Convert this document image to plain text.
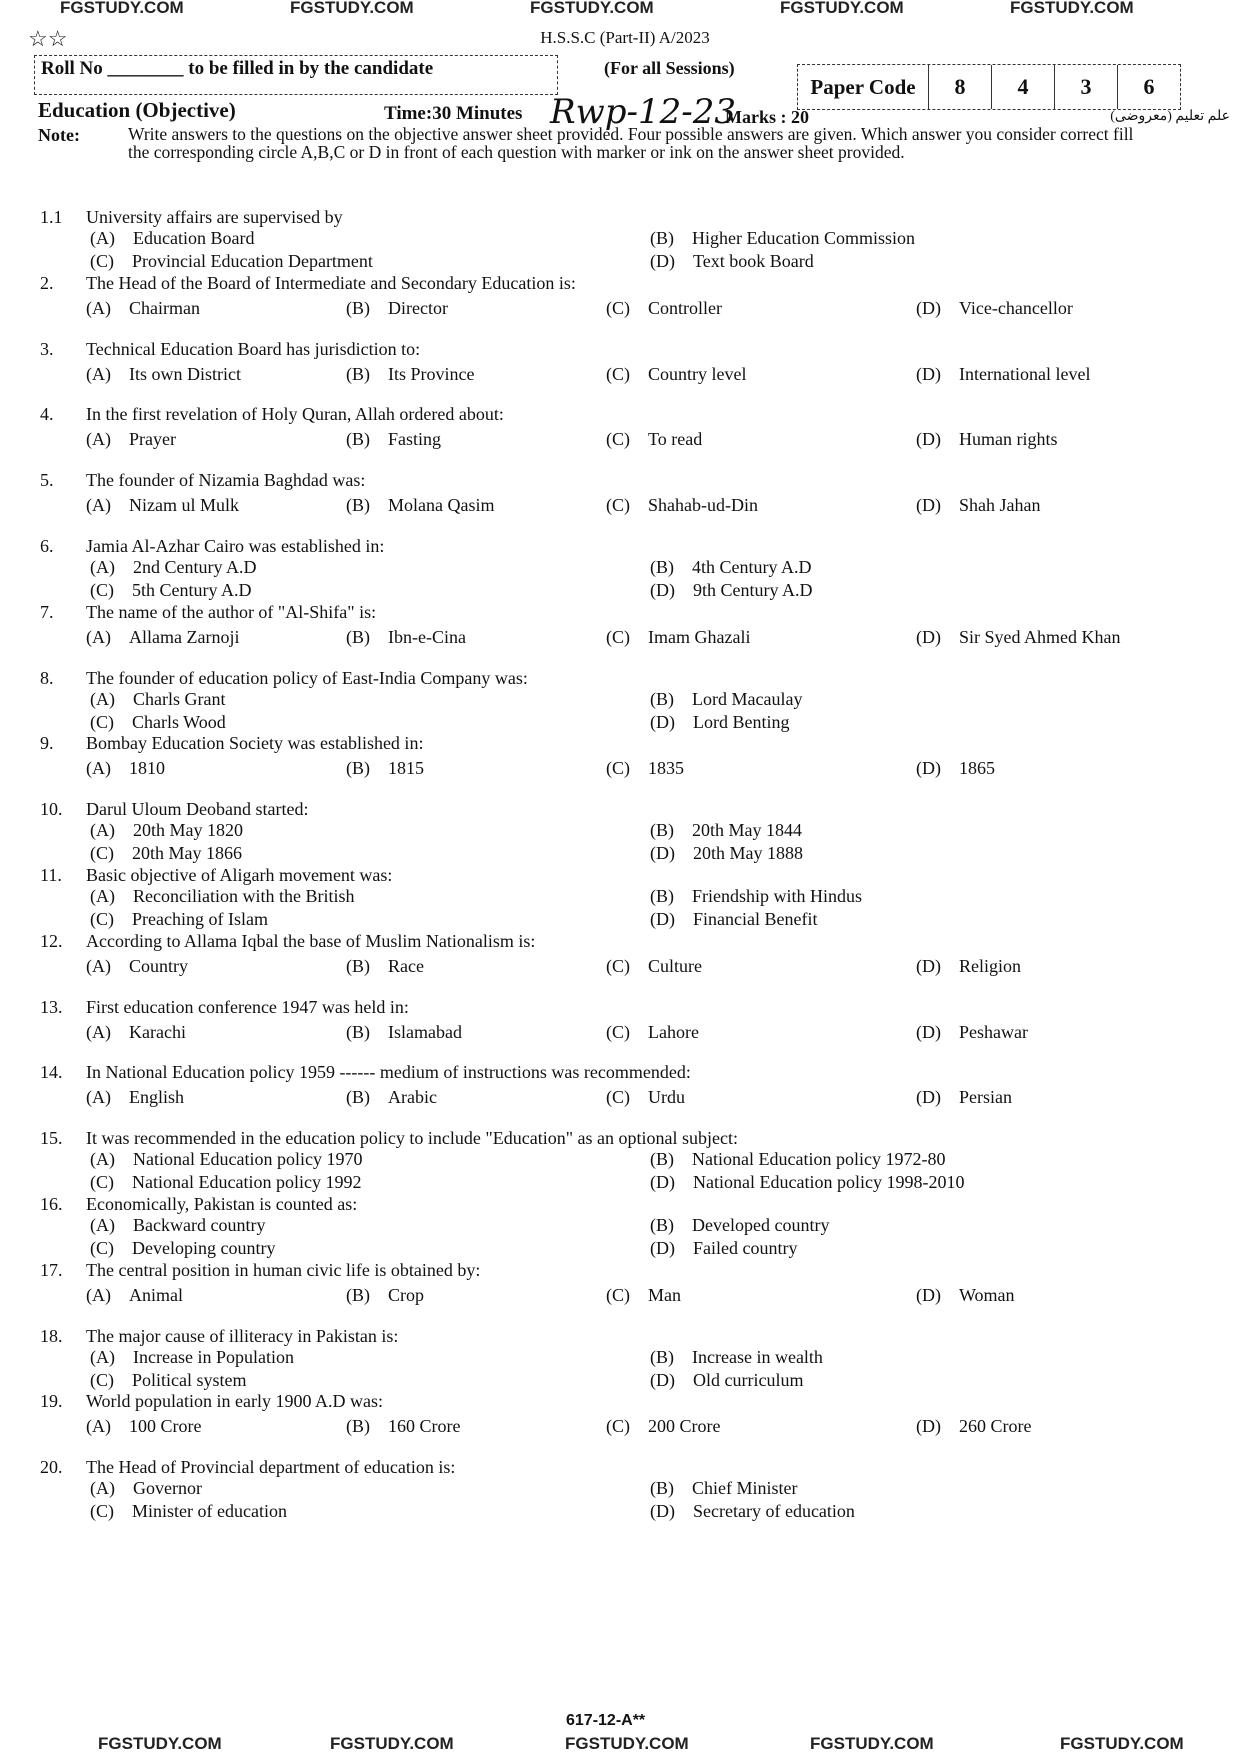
FGSTUDY.COM	FGSTUDY.COM	FGSTUDY.COM	FGSTUDY.COM	FGSTUDY.COM
☆☆	H.S.S.C (Part-II) A/2023
Roll No ________ to be filled in by the candidate	(For all Sessions)
Paper Code	8	4	3	6
Education (Objective)	Time:30 Minutes Rwp-12-23
Marks : 20	علم تعلیم (معروضی)
Note:	Write answers to the questions on the objective answer sheet provided. Four possible answers are given. Which answer you consider correct fill the corresponding circle A,B,C or D in front of each question with marker or ink on the answer sheet provided.
1.1	University affairs are supervised by
(A) Education Board	(B) Higher Education Commission
(C) Provincial Education Department	(D) Text book Board
2.	The Head of the Board of Intermediate and Secondary Education is:
(A) Chairman	(B) Director	(C) Controller	(D) Vice-chancellor
3.	Technical Education Board has jurisdiction to:
(A) Its own District	(B) Its Province	(C) Country level	(D) International level
4.	In the first revelation of Holy Quran, Allah ordered about:
(A) Prayer	(B) Fasting	(C) To read	(D) Human rights
5.	The founder of Nizamia Baghdad was:
(A) Nizam ul Mulk	(B) Molana Qasim	(C) Shahab-ud-Din	(D) Shah Jahan
6.	Jamia Al-Azhar Cairo was established in:
(A) 2nd Century A.D	(B) 4th Century A.D
(C) 5th Century A.D	(D) 9th Century A.D
7.	The name of the author of "Al-Shifa" is:
(A) Allama Zarnoji	(B) Ibn-e-Cina	(C) Imam Ghazali	(D) Sir Syed Ahmed Khan
8.	The founder of education policy of East-India Company was:
(A) Charls Grant	(B) Lord Macaulay
(C) Charls Wood	(D) Lord Benting
9.	Bombay Education Society was established in:
(A) 1810	(B) 1815	(C) 1835	(D) 1865
10.	Darul Uloum Deoband started:
(A) 20th May 1820	(B) 20th May 1844
(C) 20th May 1866	(D) 20th May 1888
11.	Basic objective of Aligarh movement was:
(A) Reconciliation with the British	(B) Friendship with Hindus
(C) Preaching of Islam	(D) Financial Benefit
12.	According to Allama Iqbal the base of Muslim Nationalism is:
(A) Country	(B) Race	(C) Culture	(D) Religion
13.	First education conference 1947 was held in:
(A) Karachi	(B) Islamabad	(C) Lahore	(D) Peshawar
14.	In National Education policy 1959 ------ medium of instructions was recommended:
(A) English	(B) Arabic	(C) Urdu	(D) Persian
15.	It was recommended in the education policy to include "Education" as an optional subject:
(A) National Education policy 1970	(B) National Education policy 1972-80
(C) National Education policy 1992	(D) National Education policy 1998-2010
16.	Economically, Pakistan is counted as:
(A) Backward country	(B) Developed country
(C) Developing country	(D) Failed country
17.	The central position in human civic life is obtained by:
(A) Animal	(B) Crop	(C) Man	(D) Woman
18.	The major cause of illiteracy in Pakistan is:
(A) Increase in Population	(B) Increase in wealth
(C) Political system	(D) Old curriculum
19.	World population in early 1900 A.D was:
(A) 100 Crore	(B) 160 Crore	(C) 200 Crore	(D) 260 Crore
20.	The Head of Provincial department of education is:
(A) Governor	(B) Chief Minister
(C) Minister of education	(D) Secretary of education
617-12-A**
FGSTUDY.COM	FGSTUDY.COM	FGSTUDY.COM	FGSTUDY.COM	FGSTUDY.COM
